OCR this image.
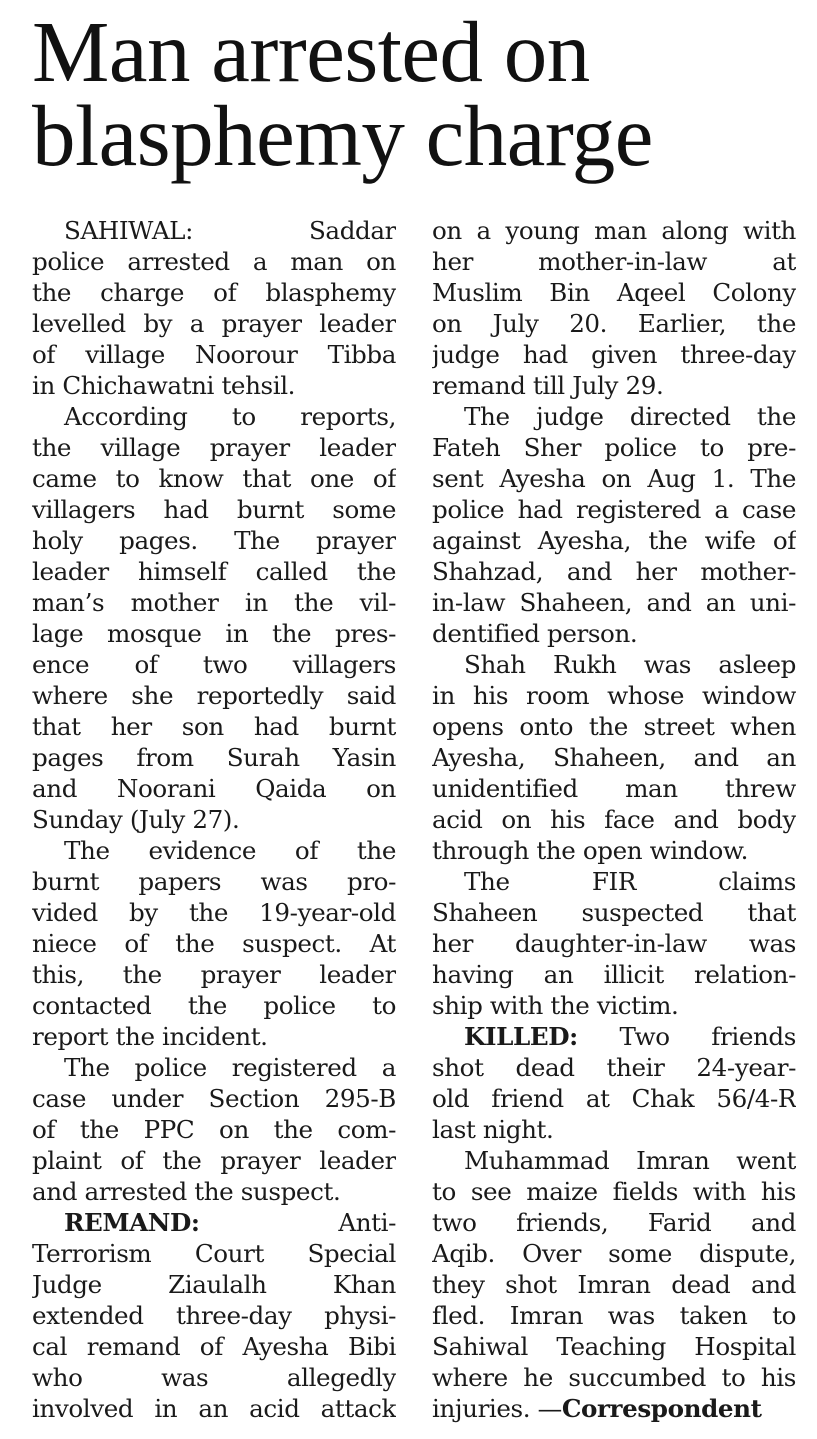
Man arrested on
blasphemy charge
SAHIWAL: Saddar
police arrested a man on
the charge of blasphemy
levelled by a prayer leader
of village Noorour Tibba
in Chichawatni tehsil.
According to reports,
the village prayer leader
came to know that one of
villagers had burnt some
holy pages. The prayer
leader himself called the
man’s mother in the vil-
lage mosque in the pres-
ence of two villagers
where she reportedly said
that her son had burnt
pages from Surah Yasin
and Noorani Qaida on
Sunday (July 27).
The evidence of the
burnt papers was pro-
vided by the 19-year-old
niece of the suspect. At
this, the prayer leader
contacted the police to
report the incident.
The police registered a
case under Section 295-B
of the PPC on the com-
plaint of the prayer leader
and arrested the suspect.
REMAND: Anti-
Terrorism Court Special
Judge Ziaulalh Khan
extended three-day physi-
cal remand of Ayesha Bibi
who was allegedly
involved in an acid attack
on a young man along with
her mother-in-law at
Muslim Bin Aqeel Colony
on July 20. Earlier, the
judge had given three-day
remand till July 29.
The judge directed the
Fateh Sher police to pre-
sent Ayesha on Aug 1. The
police had registered a case
against Ayesha, the wife of
Shahzad, and her mother-
in-law Shaheen, and an uni-
dentified person.
Shah Rukh was asleep
in his room whose window
opens onto the street when
Ayesha, Shaheen, and an
unidentified man threw
acid on his face and body
through the open window.
The FIR claims
Shaheen suspected that
her daughter-in-law was
having an illicit relation-
ship with the victim.
KILLED: Two friends
shot dead their 24-year-
old friend at Chak 56/4-R
last night.
Muhammad Imran went
to see maize fields with his
two friends, Farid and
Aqib. Over some dispute,
they shot Imran dead and
fled. Imran was taken to
Sahiwal Teaching Hospital
where he succumbed to his
injuries. —Correspondent
